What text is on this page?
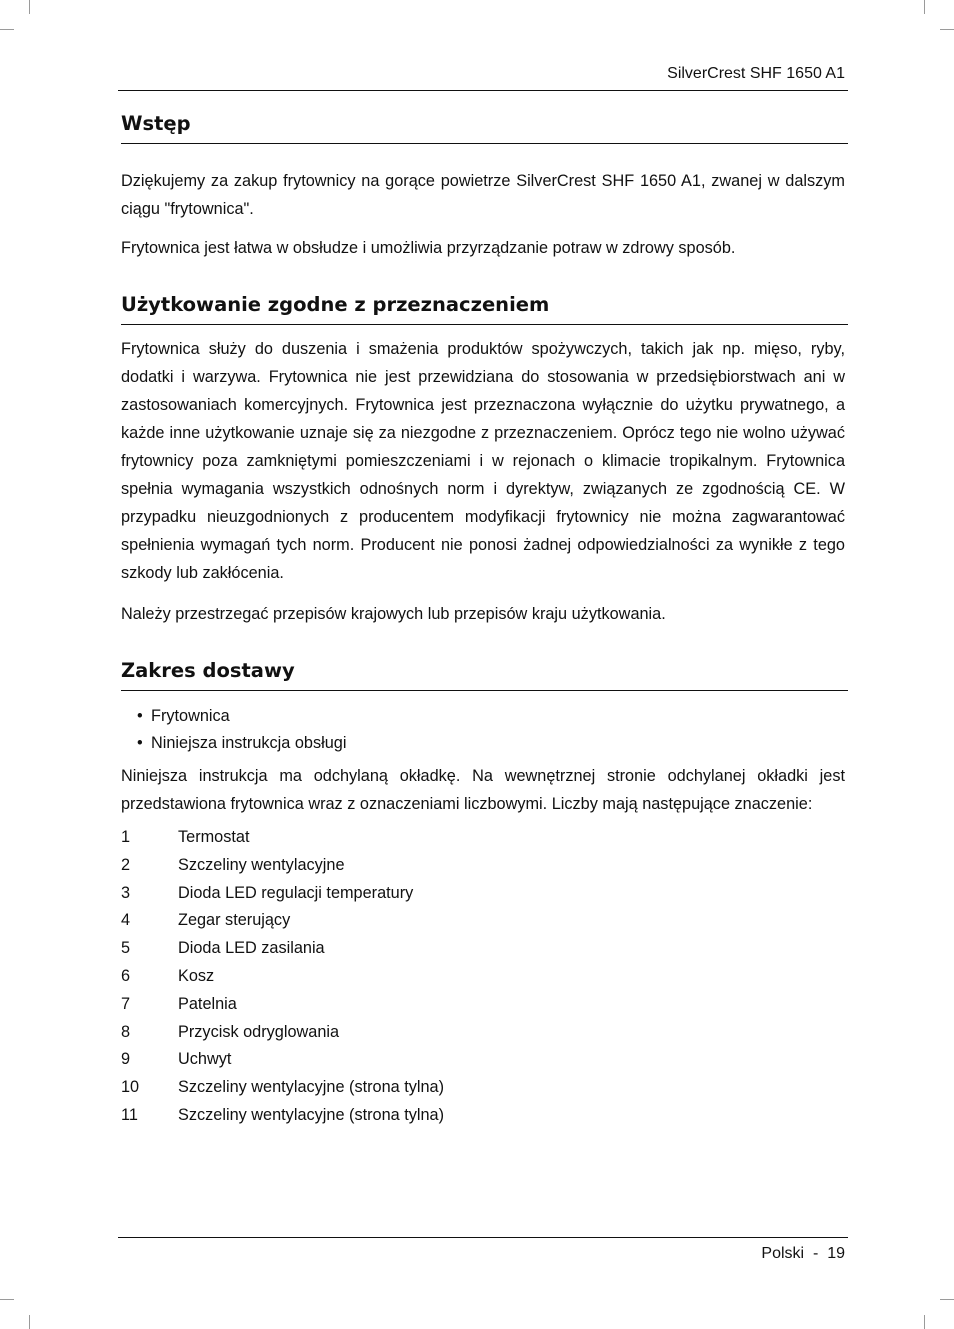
SilverCrest SHF 1650 A1
Wstęp

Dziękujemy za zakup frytownicy na gorące powietrze SilverCrest SHF 1650 A1, zwanej w dalszym ciągu "frytownica".

Frytownica jest łatwa w obsłudze i umożliwia przyrządzanie potraw w zdrowy sposób.

Użytkowanie zgodne z przeznaczeniem

Frytownica służy do duszenia i smażenia produktów spożywczych, takich jak np. mięso, ryby, dodatki i warzywa. Frytownica nie jest przewidziana do stosowania w przedsiębiorstwach ani w zastosowaniach komercyjnych. Frytownica jest przeznaczona wyłącznie do użytku prywatnego, a każde inne użytkowanie uznaje się za niezgodne z przeznaczeniem. Oprócz tego nie wolno używać frytownicy poza zamkniętymi pomieszczeniami i w rejonach o klimacie tropikalnym. Frytownica spełnia wymagania wszystkich odnośnych norm i dyrektyw, związanych ze zgodnością CE. W przypadku nieuzgodnionych z producentem modyfikacji frytownicy nie można zagwarantować spełnienia wymagań tych norm. Producent nie ponosi żadnej odpowiedzialności za wynikłe z tego szkody lub zakłócenia.

Należy przestrzegać przepisów krajowych lub przepisów kraju użytkowania.

Zakres dostawy
• Frytownica
• Niniejsza instrukcja obsługi

Niniejsza instrukcja ma odchylaną okładkę. Na wewnętrznej stronie odchylanej okładki jest przedstawiona frytownica wraz z oznaczeniami liczbowymi. Liczby mają następujące znaczenie:

1	Termostat
2	Szczeliny wentylacyjne
3	Dioda LED regulacji temperatury
4	Zegar sterujący
5	Dioda LED zasilania
6	Kosz
7	Patelnia
8	Przycisk odryglowania
9	Uchwyt
10	Szczeliny wentylacyjne (strona tylna)
11	Szczeliny wentylacyjne (strona tylna)
Polski  -  19
